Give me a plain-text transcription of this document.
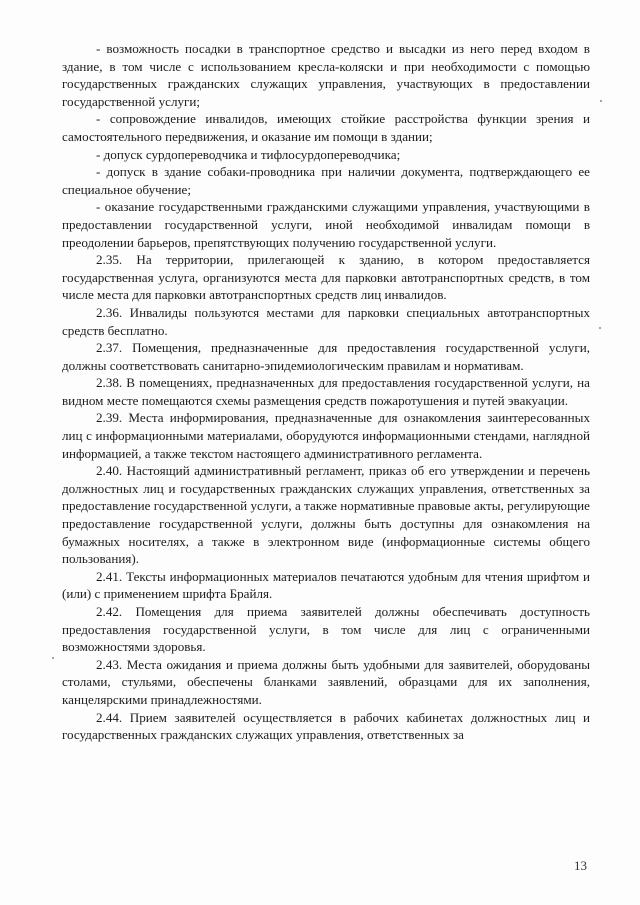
- возможность посадки в транспортное средство и высадки из него перед входом в здание, в том числе с использованием кресла-коляски и при необходимости с помощью государственных гражданских служащих управления, участвующих в предоставлении государственной услуги;

- сопровождение инвалидов, имеющих стойкие расстройства функции зрения и самостоятельного передвижения, и оказание им помощи в здании;

- допуск сурдопереводчика и тифлосурдопереводчика;

- допуск в здание собаки-проводника при наличии документа, подтверждающего ее специальное обучение;

- оказание государственными гражданскими служащими управления, участвующими в предоставлении государственной услуги, иной необходимой инвалидам помощи в преодолении барьеров, препятствующих получению государственной услуги.

2.35. На территории, прилегающей к зданию, в котором предоставляется государственная услуга, организуются места для парковки автотранспортных средств, в том числе места для парковки автотранспортных средств лиц инвалидов.

2.36. Инвалиды пользуются местами для парковки специальных автотранспортных средств бесплатно.

2.37. Помещения, предназначенные для предоставления государственной услуги, должны соответствовать санитарно-эпидемиологическим правилам и нормативам.

2.38. В помещениях, предназначенных для предоставления государственной услуги, на видном месте помещаются схемы размещения средств пожаротушения и путей эвакуации.

2.39. Места информирования, предназначенные для ознакомления заинтересованных лиц с информационными материалами, оборудуются информационными стендами, наглядной информацией, а также текстом настоящего административного регламента.

2.40. Настоящий административный регламент, приказ об его утверждении и перечень должностных лиц и государственных гражданских служащих управления, ответственных за предоставление государственной услуги, а также нормативные правовые акты, регулирующие предоставление государственной услуги, должны быть доступны для ознакомления на бумажных носителях, а также в электронном виде (информационные системы общего пользования).

2.41. Тексты информационных материалов печатаются удобным для чтения шрифтом и (или) с применением шрифта Брайля.

2.42. Помещения для приема заявителей должны обеспечивать доступность предоставления государственной услуги, в том числе для лиц с ограниченными возможностями здоровья.

2.43. Места ожидания и приема должны быть удобными для заявителей, оборудованы столами, стульями, обеспечены бланками заявлений, образцами для их заполнения, канцелярскими принадлежностями.

2.44. Прием заявителей осуществляется в рабочих кабинетах должностных лиц и государственных гражданских служащих управления, ответственных за

13
